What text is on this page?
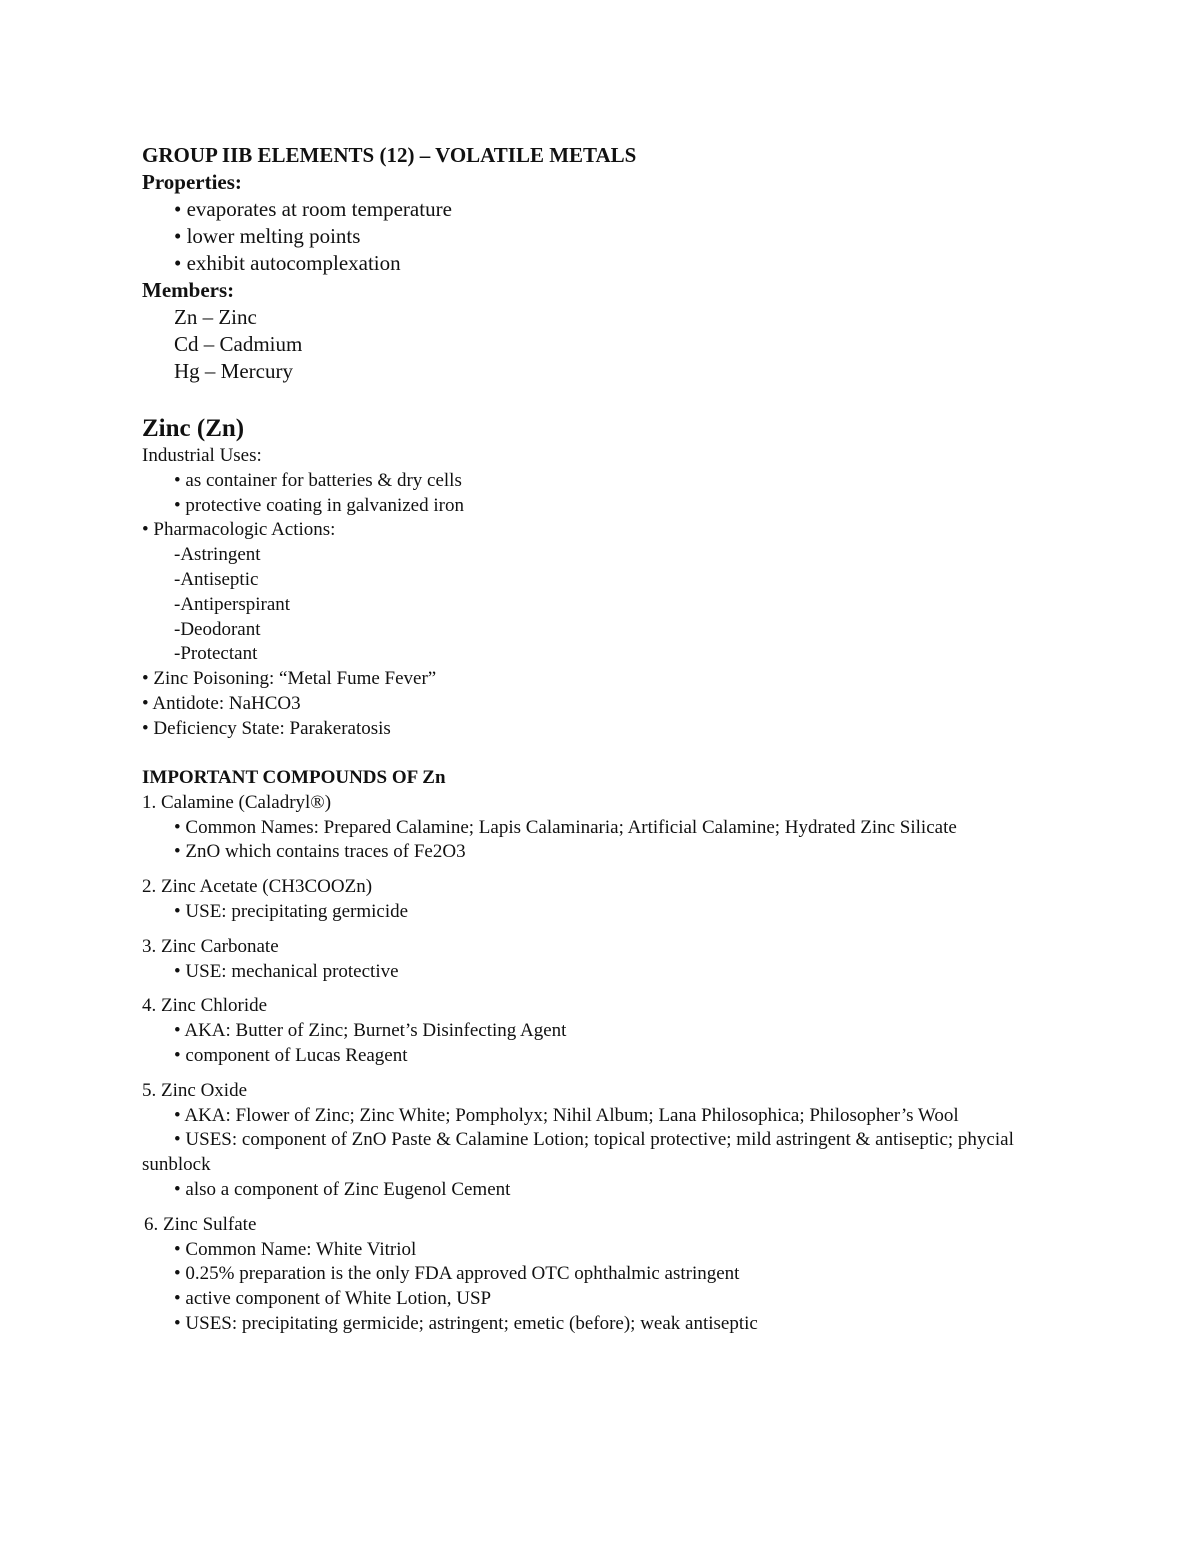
GROUP IIB ELEMENTS (12) – VOLATILE METALS
Properties:
• evaporates at room temperature
• lower melting points
• exhibit autocomplexation
Members:
Zn – Zinc
Cd – Cadmium
Hg – Mercury
Zinc (Zn)
Industrial Uses:
• as container for batteries & dry cells
• protective coating in galvanized iron
• Pharmacologic Actions:
-Astringent
-Antiseptic
-Antiperspirant
-Deodorant
-Protectant
• Zinc Poisoning: “Metal Fume Fever”
• Antidote: NaHCO3
• Deficiency State: Parakeratosis
IMPORTANT COMPOUNDS OF Zn
1. Calamine (Caladryl®)
• Common Names: Prepared Calamine; Lapis Calaminaria; Artificial Calamine; Hydrated Zinc Silicate
• ZnO which contains traces of Fe2O3
2. Zinc Acetate (CH3COOZn)
• USE: precipitating germicide
3. Zinc Carbonate
• USE: mechanical protective
4. Zinc Chloride
• AKA: Butter of Zinc; Burnet’s Disinfecting Agent
• component of Lucas Reagent
5. Zinc Oxide
• AKA: Flower of Zinc; Zinc White; Pompholyx; Nihil Album; Lana Philosophica; Philosopher’s Wool
• USES: component of ZnO Paste & Calamine Lotion; topical protective; mild astringent & antiseptic; phycial sunblock
• also a component of Zinc Eugenol Cement
6. Zinc Sulfate
• Common Name: White Vitriol
• 0.25% preparation is the only FDA approved OTC ophthalmic astringent
• active component of White Lotion, USP
• USES: precipitating germicide; astringent; emetic (before); weak antiseptic
